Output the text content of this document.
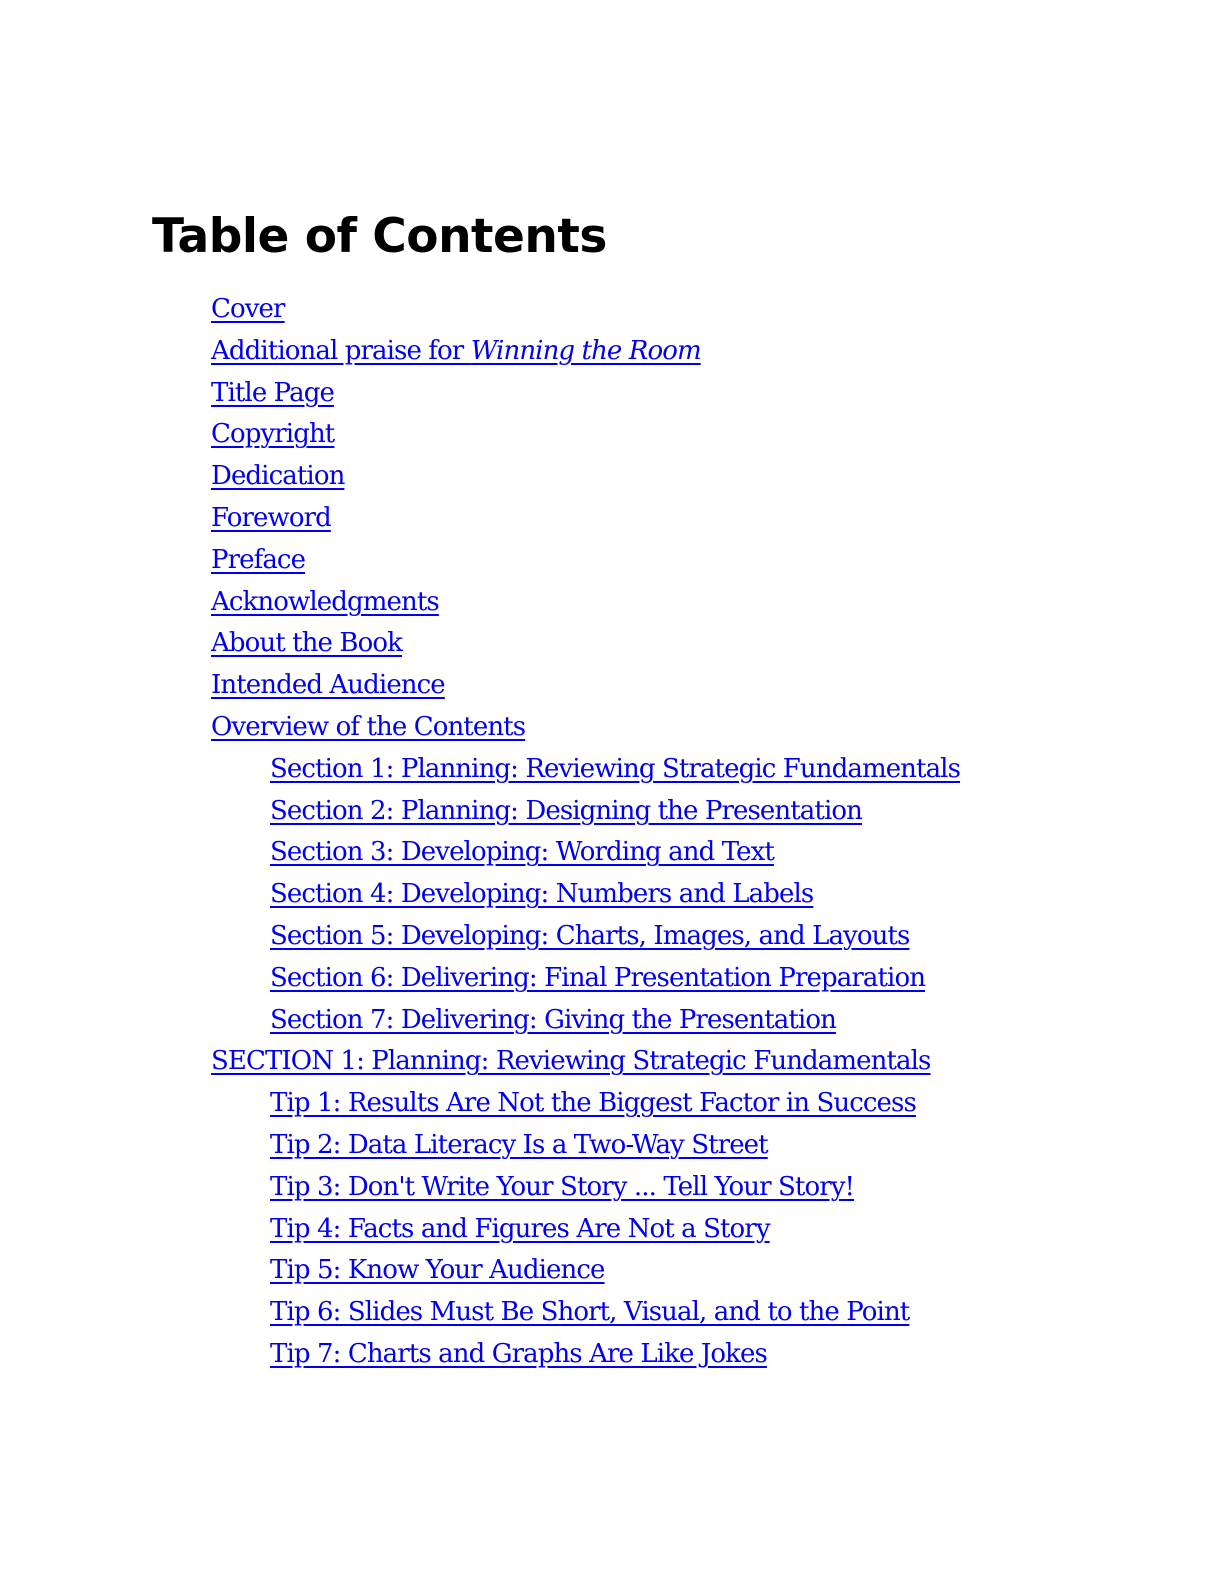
Table of Contents
Cover
Additional praise for Winning the Room
Title Page
Copyright
Dedication
Foreword
Preface
Acknowledgments
About the Book
Intended Audience
Overview of the Contents
Section 1: Planning: Reviewing Strategic Fundamentals
Section 2: Planning: Designing the Presentation
Section 3: Developing: Wording and Text
Section 4: Developing: Numbers and Labels
Section 5: Developing: Charts, Images, and Layouts
Section 6: Delivering: Final Presentation Preparation
Section 7: Delivering: Giving the Presentation
SECTION 1: Planning: Reviewing Strategic Fundamentals
Tip 1: Results Are Not the Biggest Factor in Success
Tip 2: Data Literacy Is a Two-Way Street
Tip 3: Don't Write Your Story ... Tell Your Story!
Tip 4: Facts and Figures Are Not a Story
Tip 5: Know Your Audience
Tip 6: Slides Must Be Short, Visual, and to the Point
Tip 7: Charts and Graphs Are Like Jokes
